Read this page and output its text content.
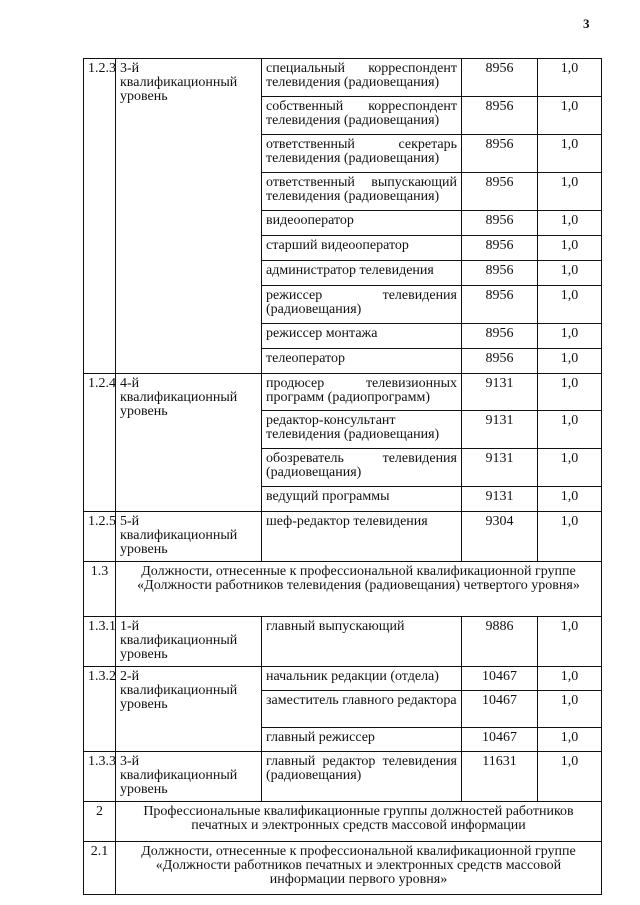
3
1.2.3	3-й квалификационный уровень	специальный корреспондент телевидения (радиовещания)	8956	1,0
		собственный корреспондент телевидения (радиовещания)	8956	1,0
		ответственный секретарь телевидения (радиовещания)	8956	1,0
		ответственный выпускающий телевидения (радиовещания)	8956	1,0
		видеооператор	8956	1,0
		старший видеооператор	8956	1,0
		администратор телевидения	8956	1,0
		режиссер телевидения (радиовещания)	8956	1,0
		режиссер монтажа	8956	1,0
		телеоператор	8956	1,0
1.2.4	4-й квалификационный уровень	продюсер телевизионных программ (радиопрограмм)	9131	1,0
		редактор-консультант телевидения (радиовещания)	9131	1,0
		обозреватель телевидения (радиовещания)	9131	1,0
		ведущий программы	9131	1,0
1.2.5	5-й квалификационный уровень	шеф-редактор телевидения	9304	1,0
1.3	Должности, отнесенные к профессиональной квалификационной группе «Должности работников телевидения (радиовещания) четвертого уровня»			
1.3.1	1-й квалификационный уровень	главный выпускающий	9886	1,0
1.3.2	2-й квалификационный уровень	начальник редакции (отдела)	10467	1,0
		заместитель главного редактора	10467	1,0
		главный режиссер	10467	1,0
1.3.3	3-й квалификационный уровень	главный редактор телевидения (радиовещания)	11631	1,0
2	Профессиональные квалификационные группы должностей работников печатных и электронных средств массовой информации			
2.1	Должности, отнесенные к профессиональной квалификационной группе «Должности работников печатных и электронных средств массовой информации первого уровня»			
